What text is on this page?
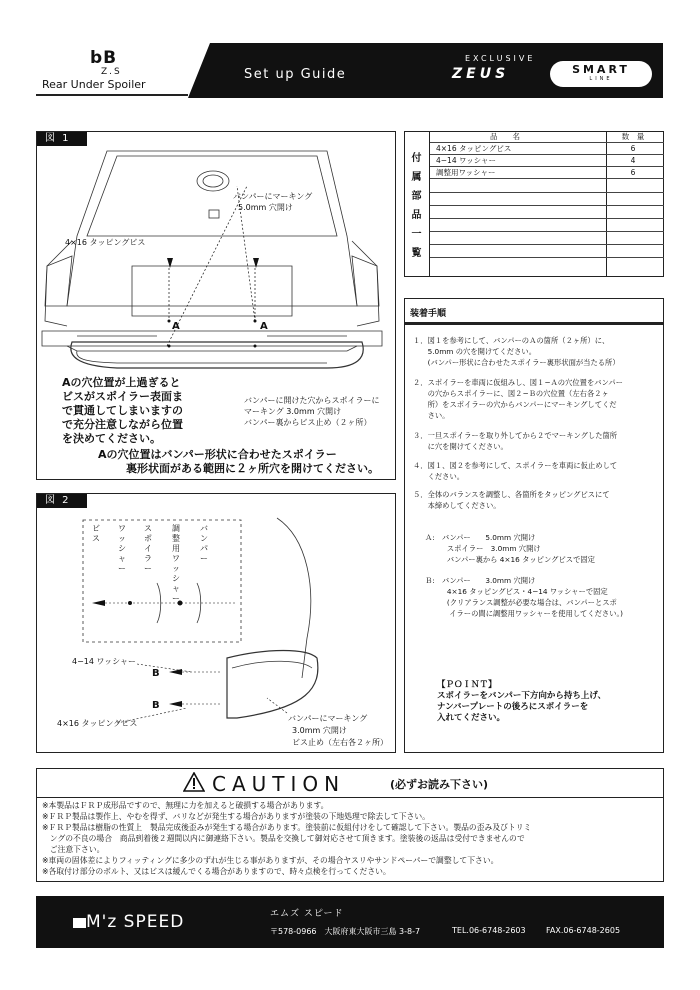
bB
Z.S
Rear Under Spoiler
Set up Guide
EXCLUSIVE
ZEUS	SMART
LINE
図 1
バンパーにマーキング
5.0mm 穴開け
4×16 タッピングビス
A	A
Aの穴位置が上過ぎると
ビスがスポイラー表面ま
で貫通してしまいますの
で充分注意しながら位置
を決めてください。
バンパーに開けた穴からスポイラーに
マーキング 3.0mm 穴開け
バンパー裏からビス止め（２ヶ所）
Aの穴位置はバンパー形状に合わせたスポイラー
裏形状面がある範囲に２ヶ所穴を開けてください。
図 2
ビス
ワッシャー
スポイラー
調整用ワッシャー
バンパー
4−14 ワッシャー
B
B
4×16 タッピングビス
バンパーにマーキング
3.0mm 穴開け
ビス止め（左右各２ヶ所）
付
属
部
品
一
覧
品　　名	数　量
4×16 タッピングビス	6
4−14 ワッシャー	4
調整用ワッシャー	6
装着手順
１．図１を参考にして、バンパーのＡの箇所（２ヶ所）に、
　　5.0mm の穴を開けてください。
　　(バンパー形状に合わせたスポイラー裏形状面が当たる所）
２．スポイラーを車両に仮組みし、図１−Ａの穴位置をバンパー
　　の穴からスポイラーに、図２−Ｂの穴位置（左右各２ヶ
　　所）をスポイラーの穴からバンパーにマーキングしてくだ
　　さい。
３．一旦スポイラーを取り外してから２でマーキングした箇所
　　に穴を開けてください。
４．図１、図２を参考にして、スポイラーを車両に仮止めして
　　ください。
５．全体のバランスを調整し、各箇所をタッピングビスにて
　　本締めしてください。
Ａ:　バンパー　　5.0mm 穴開け
　　　スポイラー　3.0mm 穴開け
　　　バンパー裏から 4×16 タッピングビスで固定
Ｂ:　バンパー　　3.0mm 穴開け
　　　4×16 タッピングビス・4−14 ワッシャーで固定
　　　(クリアランス調整が必要な場合は、バンパーとスポ
　　　 イラーの間に調整用ワッシャーを使用してください。)
【ＰＯＩＮＴ】
スポイラーをバンパー下方向から持ち上げ、
ナンバープレートの後ろにスポイラーを
入れてください。
CAUTION	(必ずお読み下さい)
※本製品はＦＲＰ成形品ですので、無理に力を加えると破損する場合があります。
※ＦＲＰ製品は製作上、やむを得ず、バリなどが発生する場合がありますが塗装の下地処理で除去して下さい。
※ＦＲＰ製品は樹脂の性質上　製品完成後歪みが発生する場合があります。塗装前に仮組付けをして確認して下さい。製品の歪み及びトリミ
　ングの不良の場合　商品到着後２週間以内に御連絡下さい。製品を交換して御対応させて頂きます。塗装後の返品は受付できませんので
　ご注意下さい。
※車両の固体差によりフィッティングに多少のずれが生じる事がありますが、その場合ヤスリやサンドペーパーで調整して下さい。
※各取付け部分のボルト、又はビスは緩んでくる場合がありますので、時々点検を行ってください。
M'z SPEED	エムズ スピード
〒578-0966　大阪府東大阪市三島 3-8-7	TEL.06-6748-2603	FAX.06-6748-2605
